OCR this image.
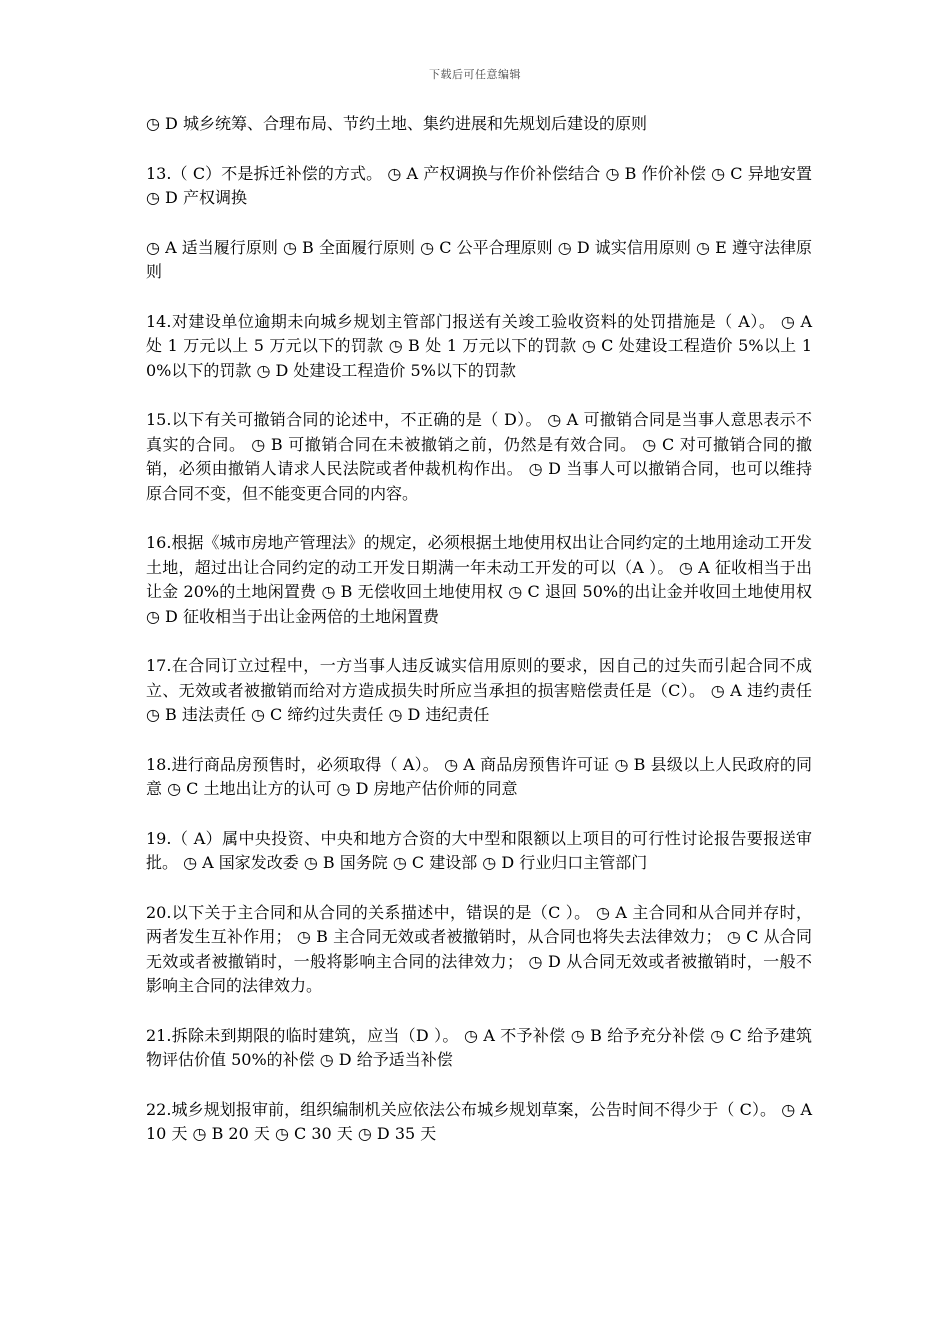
下载后可任意编辑

◷ D 城乡统筹、合理布局、节约土地、集约进展和先规划后建设的原则

13.（ C）不是拆迁补偿的方式。 ◷ A 产权调换与作价补偿结合 ◷ B 作价补偿 ◷ C 异地安置 ◷ D 产权调换

◷ A 适当履行原则 ◷ B 全面履行原则 ◷ C 公平合理原则 ◷ D 诚实信用原则 ◷ E 遵守法律原则

14.对建设单位逾期未向城乡规划主管部门报送有关竣工验收资料的处罚措施是（ A）。 ◷ A 处 1 万元以上 5 万元以下的罚款 ◷ B 处 1 万元以下的罚款 ◷ C 处建设工程造价 5%以上 10%以下的罚款 ◷ D 处建设工程造价 5%以下的罚款

15.以下有关可撤销合同的论述中，不正确的是（ D）。 ◷ A 可撤销合同是当事人意思表示不真实的合同。 ◷ B 可撤销合同在未被撤销之前，仍然是有效合同。 ◷ C 对可撤销合同的撤销，必须由撤销人请求人民法院或者仲裁机构作出。 ◷ D 当事人可以撤销合同，也可以维持原合同不变，但不能变更合同的内容。

16.根据《城市房地产管理法》的规定，必须根据土地使用权出让合同约定的土地用途动工开发土地，超过出让合同约定的动工开发日期满一年未动工开发的可以（A ）。 ◷ A 征收相当于出让金 20%的土地闲置费 ◷ B 无偿收回土地使用权 ◷ C 退回 50%的出让金并收回土地使用权 ◷ D 征收相当于出让金两倍的土地闲置费

17.在合同订立过程中，一方当事人违反诚实信用原则的要求，因自己的过失而引起合同不成立、无效或者被撤销而给对方造成损失时所应当承担的损害赔偿责任是（C）。 ◷ A 违约责任 ◷ B 违法责任 ◷ C 缔约过失责任 ◷ D 违纪责任

18.进行商品房预售时，必须取得（ A）。 ◷ A 商品房预售许可证 ◷ B 县级以上人民政府的同意 ◷ C 土地出让方的认可 ◷ D 房地产估价师的同意

19.（ A）属中央投资、中央和地方合资的大中型和限额以上项目的可行性讨论报告要报送审批。 ◷ A 国家发改委 ◷ B 国务院 ◷ C 建设部 ◷ D 行业归口主管部门

20.以下关于主合同和从合同的关系描述中，错误的是（C ）。 ◷ A 主合同和从合同并存时，两者发生互补作用； ◷ B 主合同无效或者被撤销时，从合同也将失去法律效力； ◷ C 从合同无效或者被撤销时，一般将影响主合同的法律效力； ◷ D 从合同无效或者被撤销时，一般不影响主合同的法律效力。

21.拆除未到期限的临时建筑，应当（D ）。 ◷ A 不予补偿 ◷ B 给予充分补偿 ◷ C 给予建筑物评估价值 50%的补偿 ◷ D 给予适当补偿

22.城乡规划报审前，组织编制机关应依法公布城乡规划草案，公告时间不得少于（ C）。 ◷ A 10 天 ◷ B 20 天 ◷ C 30 天 ◷ D 35 天
